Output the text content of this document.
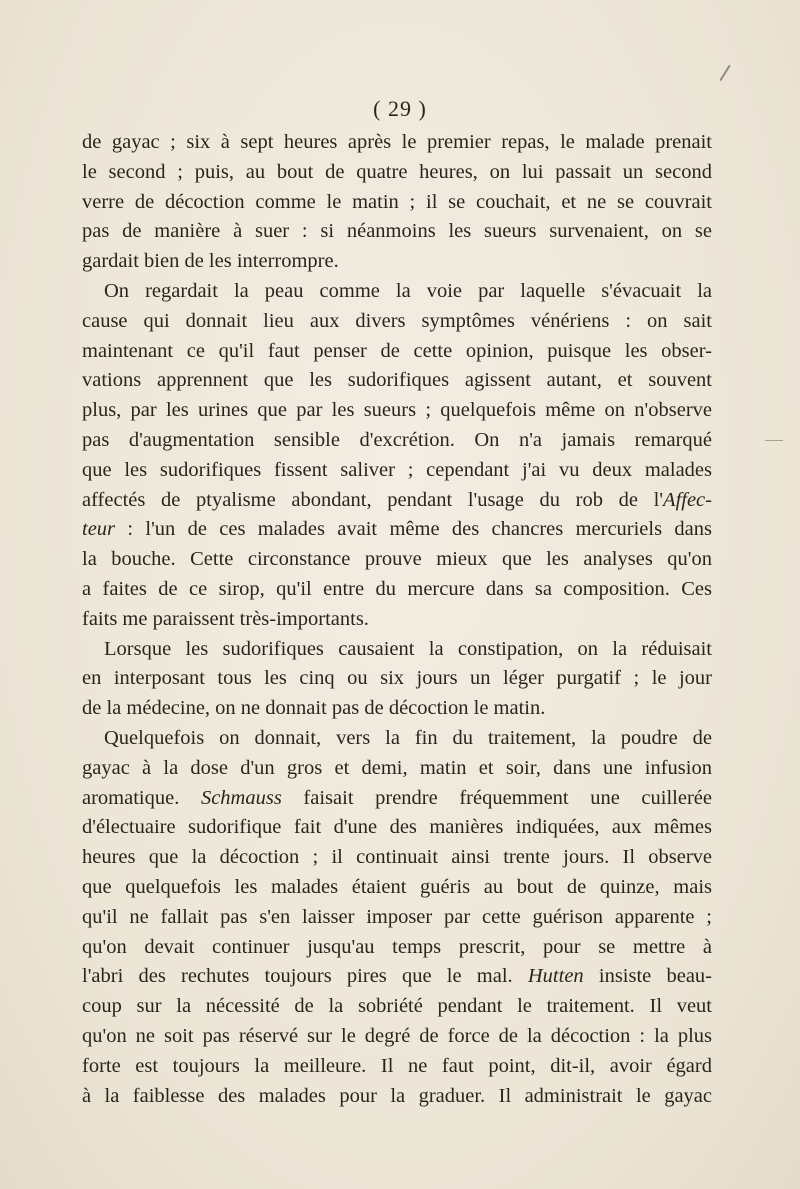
( 29 )

de gayac ; six à sept heures après le premier repas, le malade prenait
le second ; puis, au bout de quatre heures, on lui passait un second
verre de décoction comme le matin ; il se couchait, et ne se couvrait
pas de manière à suer : si néanmoins les sueurs survenaient, on se
gardait bien de les interrompre.

On regardait la peau comme la voie par laquelle s'évacuait la
cause qui donnait lieu aux divers symptômes vénériens : on sait
maintenant ce qu'il faut penser de cette opinion, puisque les obser-
vations apprennent que les sudorifiques agissent autant, et souvent
plus, par les urines que par les sueurs ; quelquefois même on n'observe
pas d'augmentation sensible d'excrétion. On n'a jamais remarqué
que les sudorifiques fissent saliver ; cependant j'ai vu deux malades
affectés de ptyalisme abondant, pendant l'usage du rob de l'Affec-
teur : l'un de ces malades avait même des chancres mercuriels dans
la bouche. Cette circonstance prouve mieux que les analyses qu'on
a faites de ce sirop, qu'il entre du mercure dans sa composition. Ces
faits me paraissent très-importants.

Lorsque les sudorifiques causaient la constipation, on la réduisait
en interposant tous les cinq ou six jours un léger purgatif ; le jour
de la médecine, on ne donnait pas de décoction le matin.

Quelquefois on donnait, vers la fin du traitement, la poudre de
gayac à la dose d'un gros et demi, matin et soir, dans une infusion
aromatique. Schmauss faisait prendre fréquemment une cuillerée
d'électuaire sudorifique fait d'une des manières indiquées, aux mêmes
heures que la décoction ; il continuait ainsi trente jours. Il observe
que quelquefois les malades étaient guéris au bout de quinze, mais
qu'il ne fallait pas s'en laisser imposer par cette guérison apparente ;
qu'on devait continuer jusqu'au temps prescrit, pour se mettre à
l'abri des rechutes toujours pires que le mal. Hutten insiste beau-
coup sur la nécessité de la sobriété pendant le traitement. Il veut
qu'on ne soit pas réservé sur le degré de force de la décoction : la plus
forte est toujours la meilleure. Il ne faut point, dit-il, avoir égard
à la faiblesse des malades pour la graduer. Il administrait le gayac
